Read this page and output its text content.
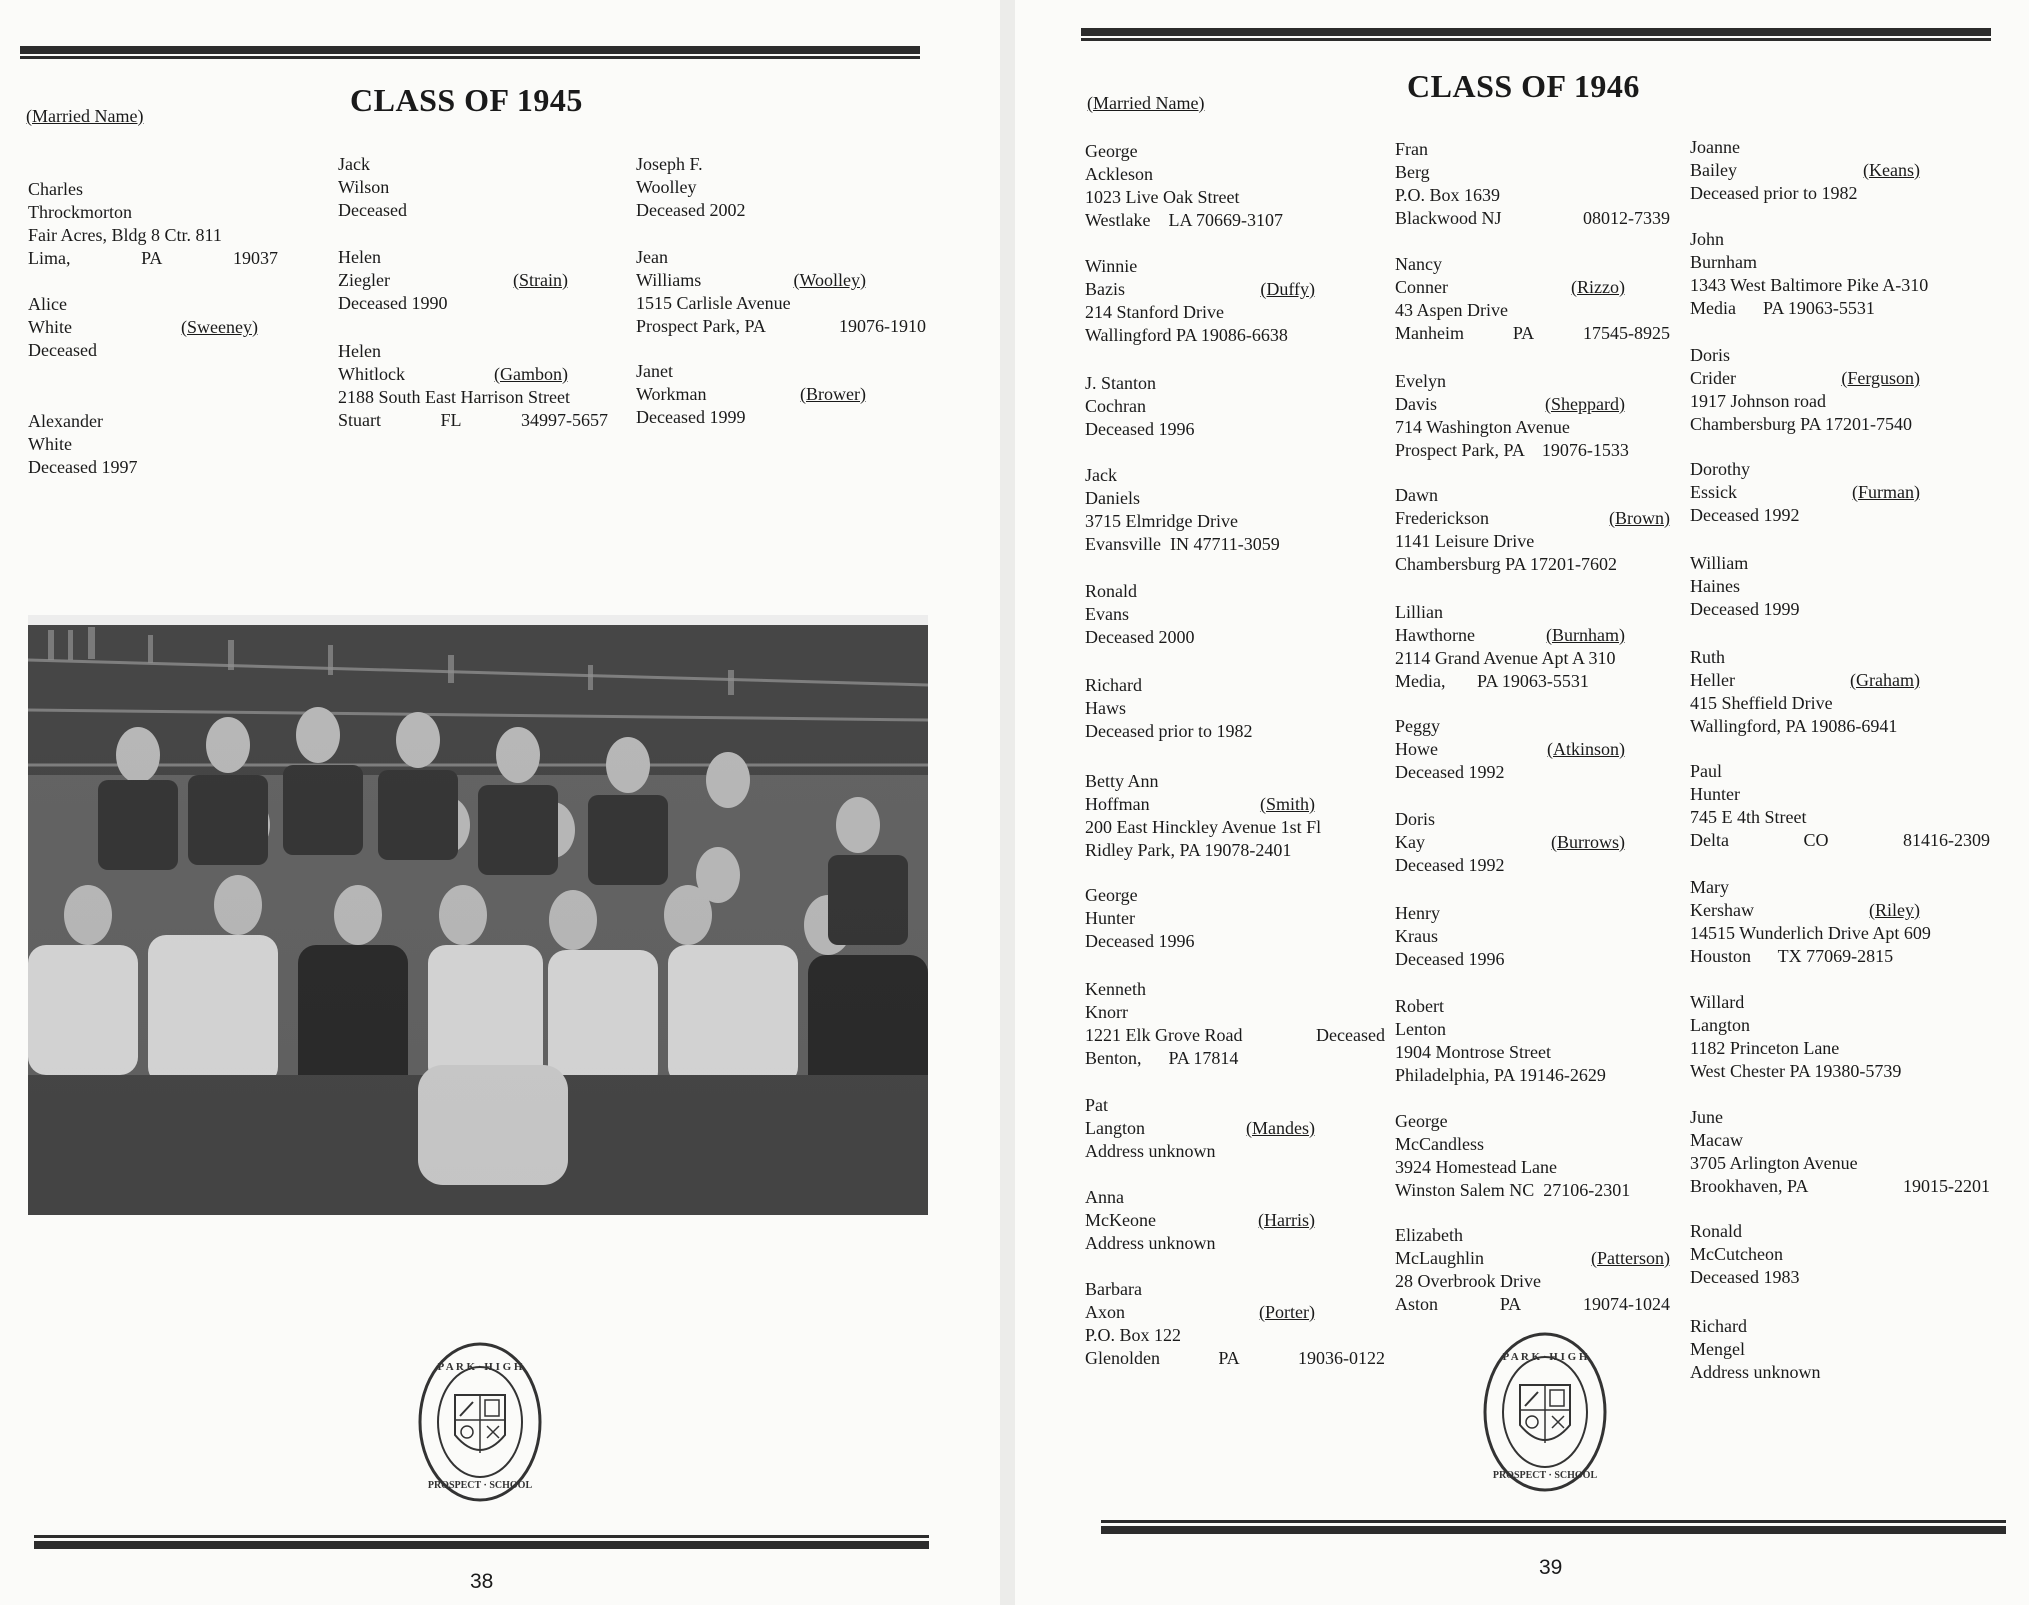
(Married Name)	CLASS OF 1945
Charles
Throckmorton
Fair Acres, Bldg 8 Ctr. 811
Lima,	PA	19037
Alice
White	(Sweeney)
Deceased
Alexander
White
Deceased 1997
Jack
Wilson
Deceased
Helen
Ziegler	(Strain)
Deceased 1990
Helen
Whitlock	(Gambon)
2188 South East Harrison Street
Stuart	FL	34997-5657
Joseph F.
Woolley
Deceased 2002
Jean
Williams	(Woolley)
1515 Carlisle Avenue
Prospect Park, PA	19076-1910
Janet
Workman	(Brower)
Deceased 1999
P A R K · H I G H
PROSPECT · SCHOOL
38
(Married Name)	CLASS OF 1946
George
Ackleson
1023 Live Oak Street
Westlake    LA 70669-3107
Winnie
Bazis	(Duffy)
214 Stanford Drive
Wallingford PA 19086-6638
J. Stanton
Cochran
Deceased 1996
Jack
Daniels
3715 Elmridge Drive
Evansville  IN 47711-3059
Ronald
Evans
Deceased 2000
Richard
Haws
Deceased prior to 1982
Betty Ann
Hoffman	(Smith)
200 East Hinckley Avenue 1st Fl
Ridley Park, PA 19078-2401
George
Hunter
Deceased 1996
Kenneth
Knorr
1221 Elk Grove Road	Deceased
Benton,      PA 17814
Pat
Langton	(Mandes)
Address unknown
Anna
McKeone	(Harris)
Address unknown
Barbara
Axon	(Porter)
P.O. Box 122
Glenolden	PA	19036-0122
Fran
Berg
P.O. Box 1639
Blackwood NJ	08012-7339
Nancy
Conner	(Rizzo)
43 Aspen Drive
Manheim	PA	17545-8925
Evelyn
Davis	(Sheppard)
714 Washington Avenue
Prospect Park, PA    19076-1533
Dawn
Frederickson	(Brown)
1141 Leisure Drive
Chambersburg PA 17201-7602
Lillian
Hawthorne	(Burnham)
2114 Grand Avenue Apt A 310
Media,       PA 19063-5531
Peggy
Howe	(Atkinson)
Deceased 1992
Doris
Kay	(Burrows)
Deceased 1992
Henry
Kraus
Deceased 1996
Robert
Lenton
1904 Montrose Street
Philadelphia, PA 19146-2629
George
McCandless
3924 Homestead Lane
Winston Salem NC  27106-2301
Elizabeth
McLaughlin	(Patterson)
28 Overbrook Drive
Aston	PA	19074-1024
Joanne
Bailey	(Keans)
Deceased prior to 1982
John
Burnham
1343 West Baltimore Pike A-310
Media      PA 19063-5531
Doris
Crider	(Ferguson)
1917 Johnson road
Chambersburg PA 17201-7540
Dorothy
Essick	(Furman)
Deceased 1992
William
Haines
Deceased 1999
Ruth
Heller	(Graham)
415 Sheffield Drive
Wallingford, PA 19086-6941
Paul
Hunter
745 E 4th Street
Delta	CO	81416-2309
Mary
Kershaw	(Riley)
14515 Wunderlich Drive Apt 609
Houston      TX 77069-2815
Willard
Langton
1182 Princeton Lane
West Chester PA 19380-5739
June
Macaw
3705 Arlington Avenue
Brookhaven, PA	19015-2201
Ronald
McCutcheon
Deceased 1983
Richard
Mengel
Address unknown
P A R K · H I G H
PROSPECT · SCHOOL
39
